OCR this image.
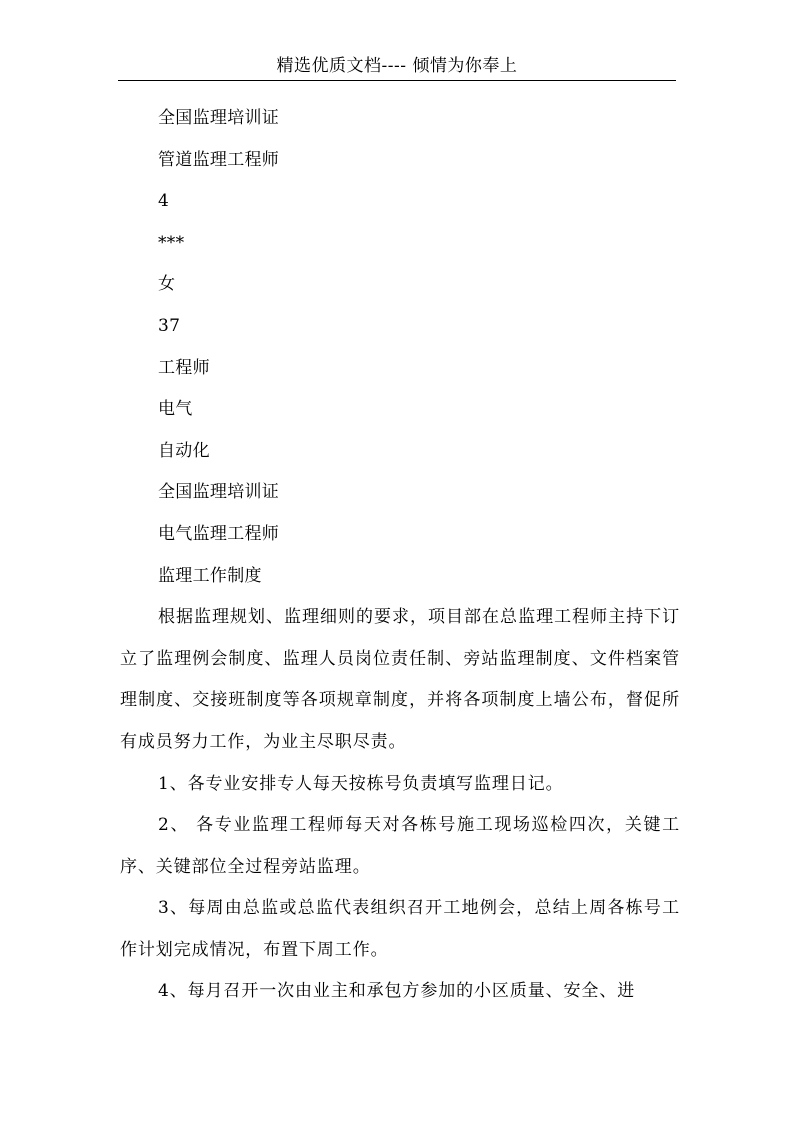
精选优质文档---- 倾情为你奉上
全国监理培训证
管道监理工程师
4
***
女
37
工程师
电气
自动化
全国监理培训证
电气监理工程师
监理工作制度

根据监理规划、监理细则的要求，项目部在总监理工程师主持下订立了监理例会制度、监理人员岗位责任制、旁站监理制度、文件档案管理制度、交接班制度等各项规章制度，并将各项制度上墙公布，督促所有成员努力工作，为业主尽职尽责。

1、各专业安排专人每天按栋号负责填写监理日记。

2、 各专业监理工程师每天对各栋号施工现场巡检四次，关键工序、关键部位全过程旁站监理。

3、每周由总监或总监代表组织召开工地例会，总结上周各栋号工作计划完成情况，布置下周工作。

4、每月召开一次由业主和承包方参加的小区质量、安全、进
